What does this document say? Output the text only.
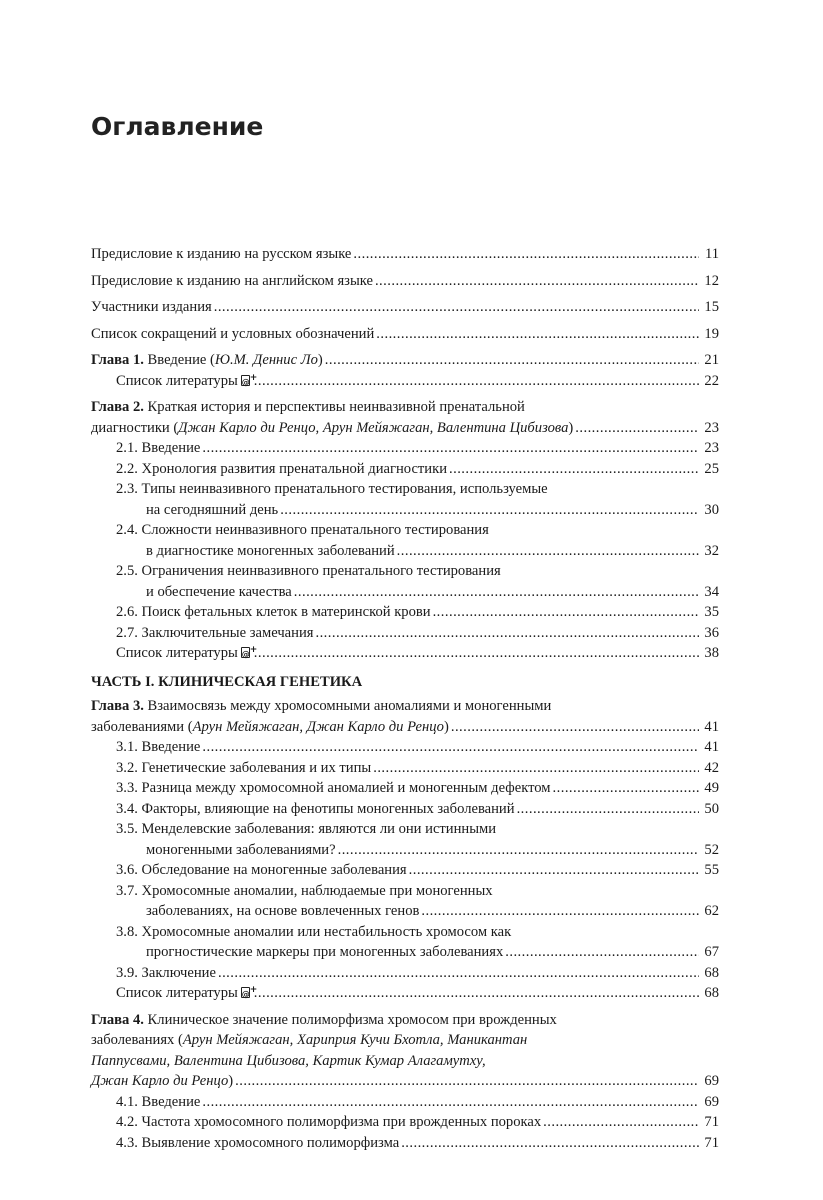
Оглавление
Предисловие к изданию на русском языке . . .	11
Предисловие к изданию на английском языке . . .	12
Участники издания . . .	15
Список сокращений и условных обозначений . . .	19
Глава 1. Введение (Ю.М. Деннис Ло) . . .	21
Список литературы @ + . . .	22
Глава 2. Краткая история и перспективы неинвазивной пренатальной
диагностики (Джан Карло ди Ренцо, Арун Мейяжаган, Валентина Цибизова) . . .	23
2.1. Введение . . .	23
2.2. Хронология развития пренатальной диагностики . . .	25
2.3. Типы неинвазивного пренатального тестирования, используемые
на сегодняшний день . . .	30
2.4. Сложности неинвазивного пренатального тестирования
в диагностике моногенных заболеваний . . .	32
2.5. Ограничения неинвазивного пренатального тестирования
и обеспечение качества . . .	34
2.6. Поиск фетальных клеток в материнской крови . . .	35
2.7. Заключительные замечания . . .	36
Список литературы @ + . . .	38
ЧАСТЬ I. КЛИНИЧЕСКАЯ ГЕНЕТИКА
Глава 3. Взаимосвязь между хромосомными аномалиями и моногенными
заболеваниями (Арун Мейяжаган, Джан Карло ди Ренцо) . . .	41
3.1. Введение . . .	41
3.2. Генетические заболевания и их типы . . .	42
3.3. Разница между хромосомной аномалией и моногенным дефектом . . .	49
3.4. Факторы, влияющие на фенотипы моногенных заболеваний . . .	50
3.5. Менделевские заболевания: являются ли они истинными
моногенными заболеваниями? . . .	52
3.6. Обследование на моногенные заболевания . . .	55
3.7. Хромосомные аномалии, наблюдаемые при моногенных
заболеваниях, на основе вовлеченных генов . . .	62
3.8. Хромосомные аномалии или нестабильность хромосом как
прогностические маркеры при моногенных заболеваниях . . .	67
3.9. Заключение . . .	68
Список литературы @ + . . .	68
Глава 4. Клиническое значение полиморфизма хромосом при врожденных
заболеваниях (Арун Мейяжаган, Хариприя Кучи Бхотла, Маникантан
Паппусвами, Валентина Цибизова, Картик Кумар Алагамутху,
Джан Карло ди Ренцо) . . .	69
4.1. Введение . . .	69
4.2. Частота хромосомного полиморфизма при врожденных пороках . . .	71
4.3. Выявление хромосомного полиморфизма . . .	71
